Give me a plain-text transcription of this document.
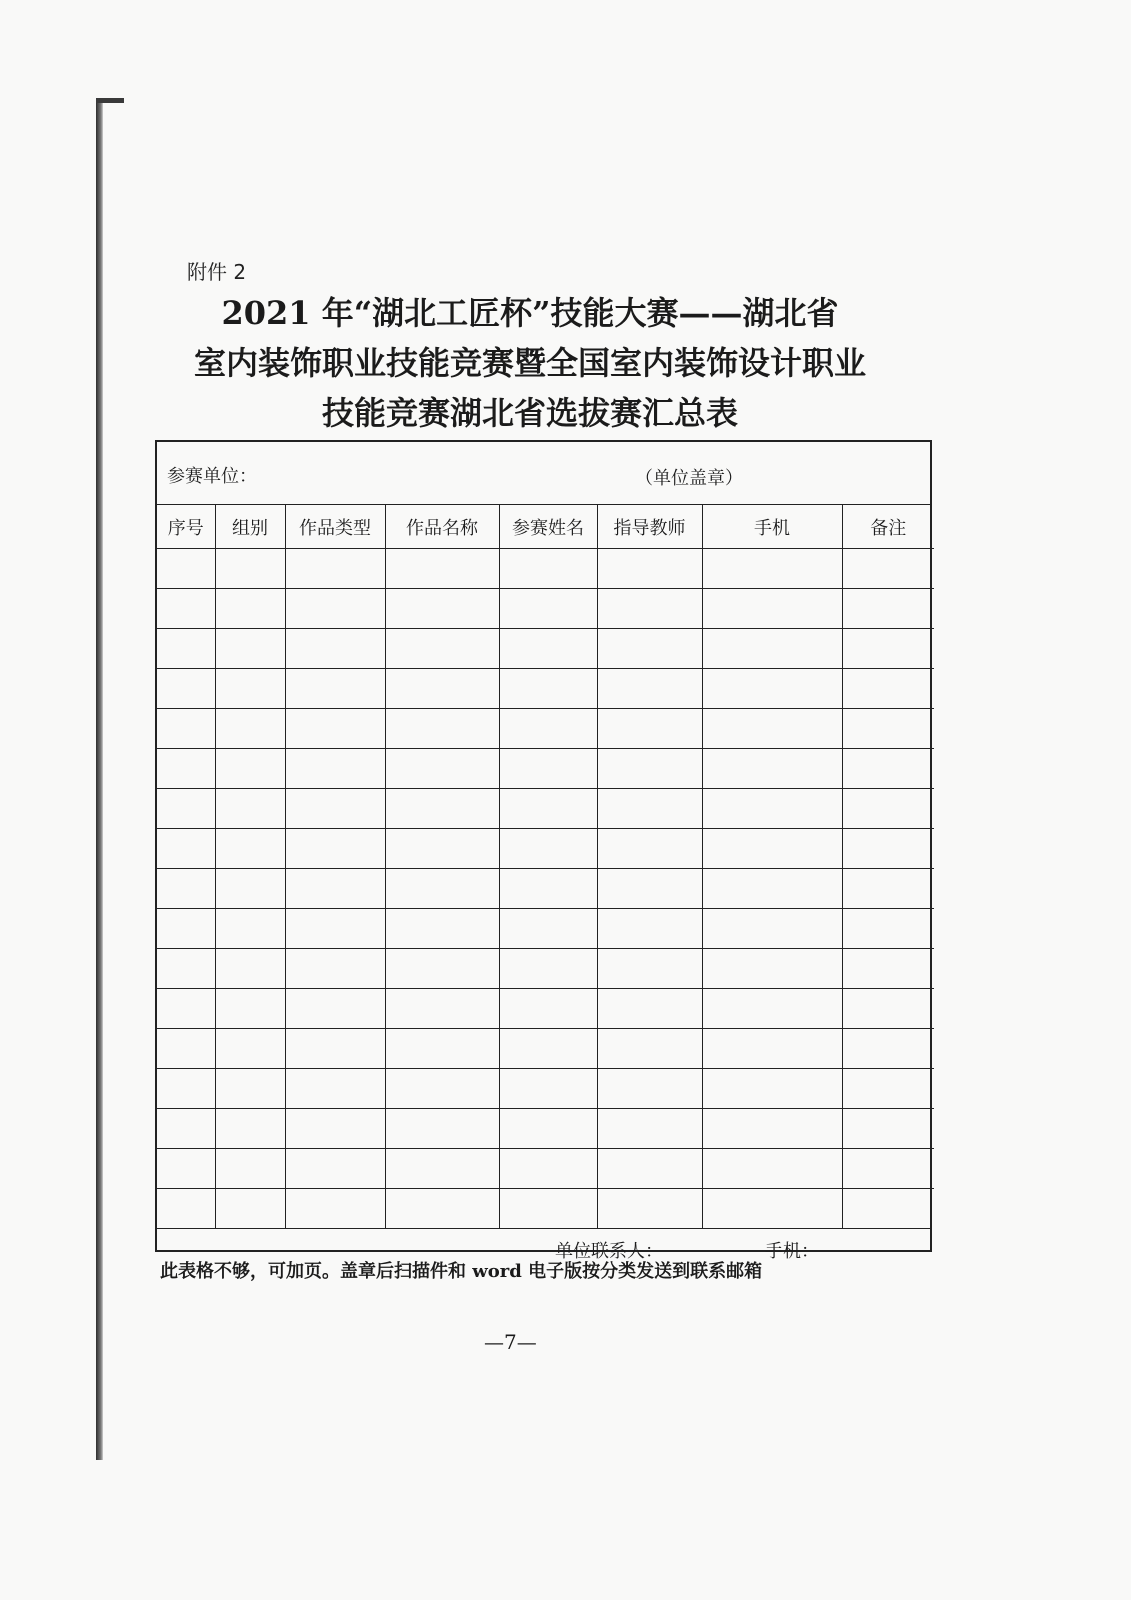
附件 2
2021 年“湖北工匠杯”技能大赛——湖北省
室内装饰职业技能竞赛暨全国室内装饰设计职业
技能竞赛湖北省选拔赛汇总表
参赛单位：	（单位盖章）
序号	组别	作品类型	作品名称	参赛姓名	指导教师	手机	备注

单位联系人：	手机：
此表格不够，可加页。盖章后扫描件和 word 电子版按分类发送到联系邮箱
—7—
